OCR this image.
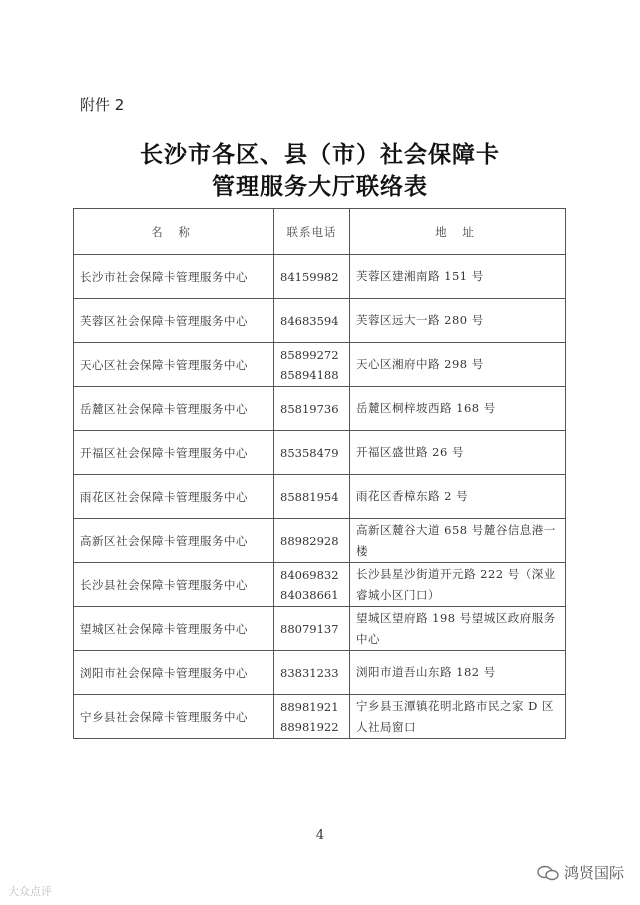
附件 2
长沙市各区、县（市）社会保障卡
管理服务大厅联络表
名 称	联系电话	地 址
长沙市社会保障卡管理服务中心	84159982	芙蓉区建湘南路 151 号
芙蓉区社会保障卡管理服务中心	84683594	芙蓉区远大一路 280 号
天心区社会保障卡管理服务中心	85899272
85894188	天心区湘府中路 298 号
岳麓区社会保障卡管理服务中心	85819736	岳麓区桐梓坡西路 168 号
开福区社会保障卡管理服务中心	85358479	开福区盛世路 26 号
雨花区社会保障卡管理服务中心	85881954	雨花区香樟东路 2 号
高新区社会保障卡管理服务中心	88982928	高新区麓谷大道 658 号麓谷信息港一楼
长沙县社会保障卡管理服务中心	84069832
84038661	长沙县星沙街道开元路 222 号（深业睿城小区门口）
望城区社会保障卡管理服务中心	88079137	望城区望府路 198 号望城区政府服务中心
浏阳市社会保障卡管理服务中心	83831233	浏阳市道吾山东路 182 号
宁乡县社会保障卡管理服务中心	88981921
88981922	宁乡县玉潭镇花明北路市民之家 D 区人社局窗口
4
大众点评
鸿贤国际
